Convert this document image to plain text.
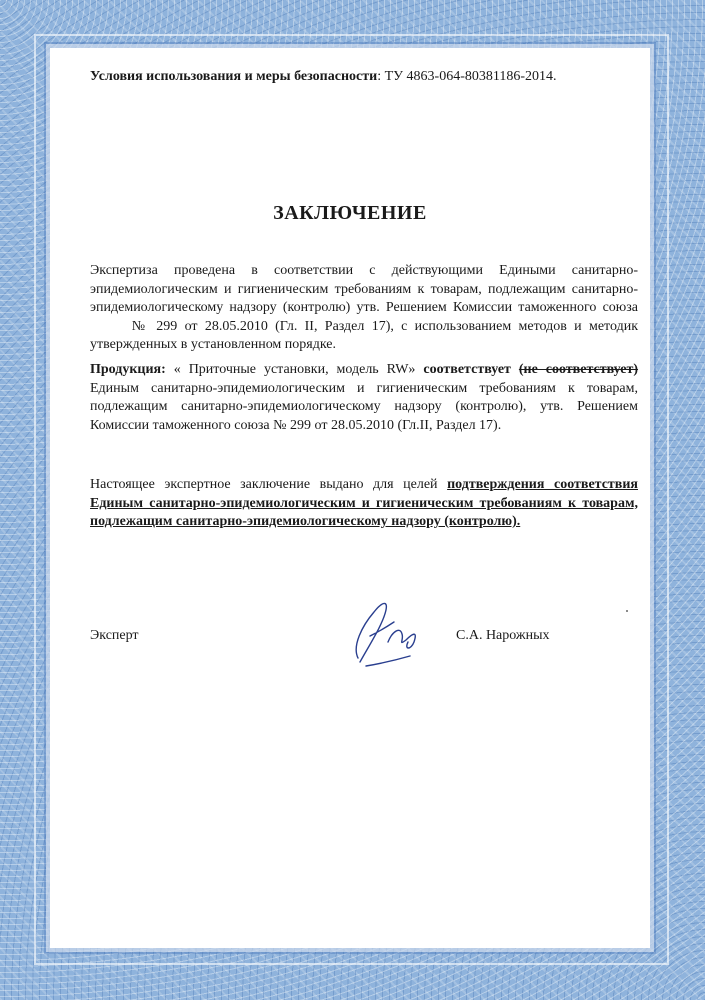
Условия использования и меры безопасности: ТУ 4863-064-80381186-2014.
ЗАКЛЮЧЕНИЕ
Экспертиза проведена в соответствии с действующими Едиными санитарно-эпидемиологическим и гигиеническим требованиям к товарам, подлежащим санитарно-эпидемиологическому надзору (контролю) утв. Решением Комиссии таможенного союза№ 299 от 28.05.2010 (Гл. II, Раздел 17), с использованием методов и методик утвержденных в установленном порядке.
Продукция: « Приточные установки, модель RW» соответствует (не соответствует) Единым санитарно-эпидемиологическим и гигиеническим требованиям к товарам, подлежащим санитарно-эпидемиологическому надзору (контролю), утв. Решением Комиссии таможенного союза № 299 от 28.05.2010 (Гл.II, Раздел 17).
Настоящее экспертное заключение выдано для целей подтверждения соответствия Единым санитарно-эпидемиологическим и гигиеническим требованиям к товарам, подлежащим санитарно-эпидемиологическому надзору (контролю).
Эксперт	С.А. Нарожных
